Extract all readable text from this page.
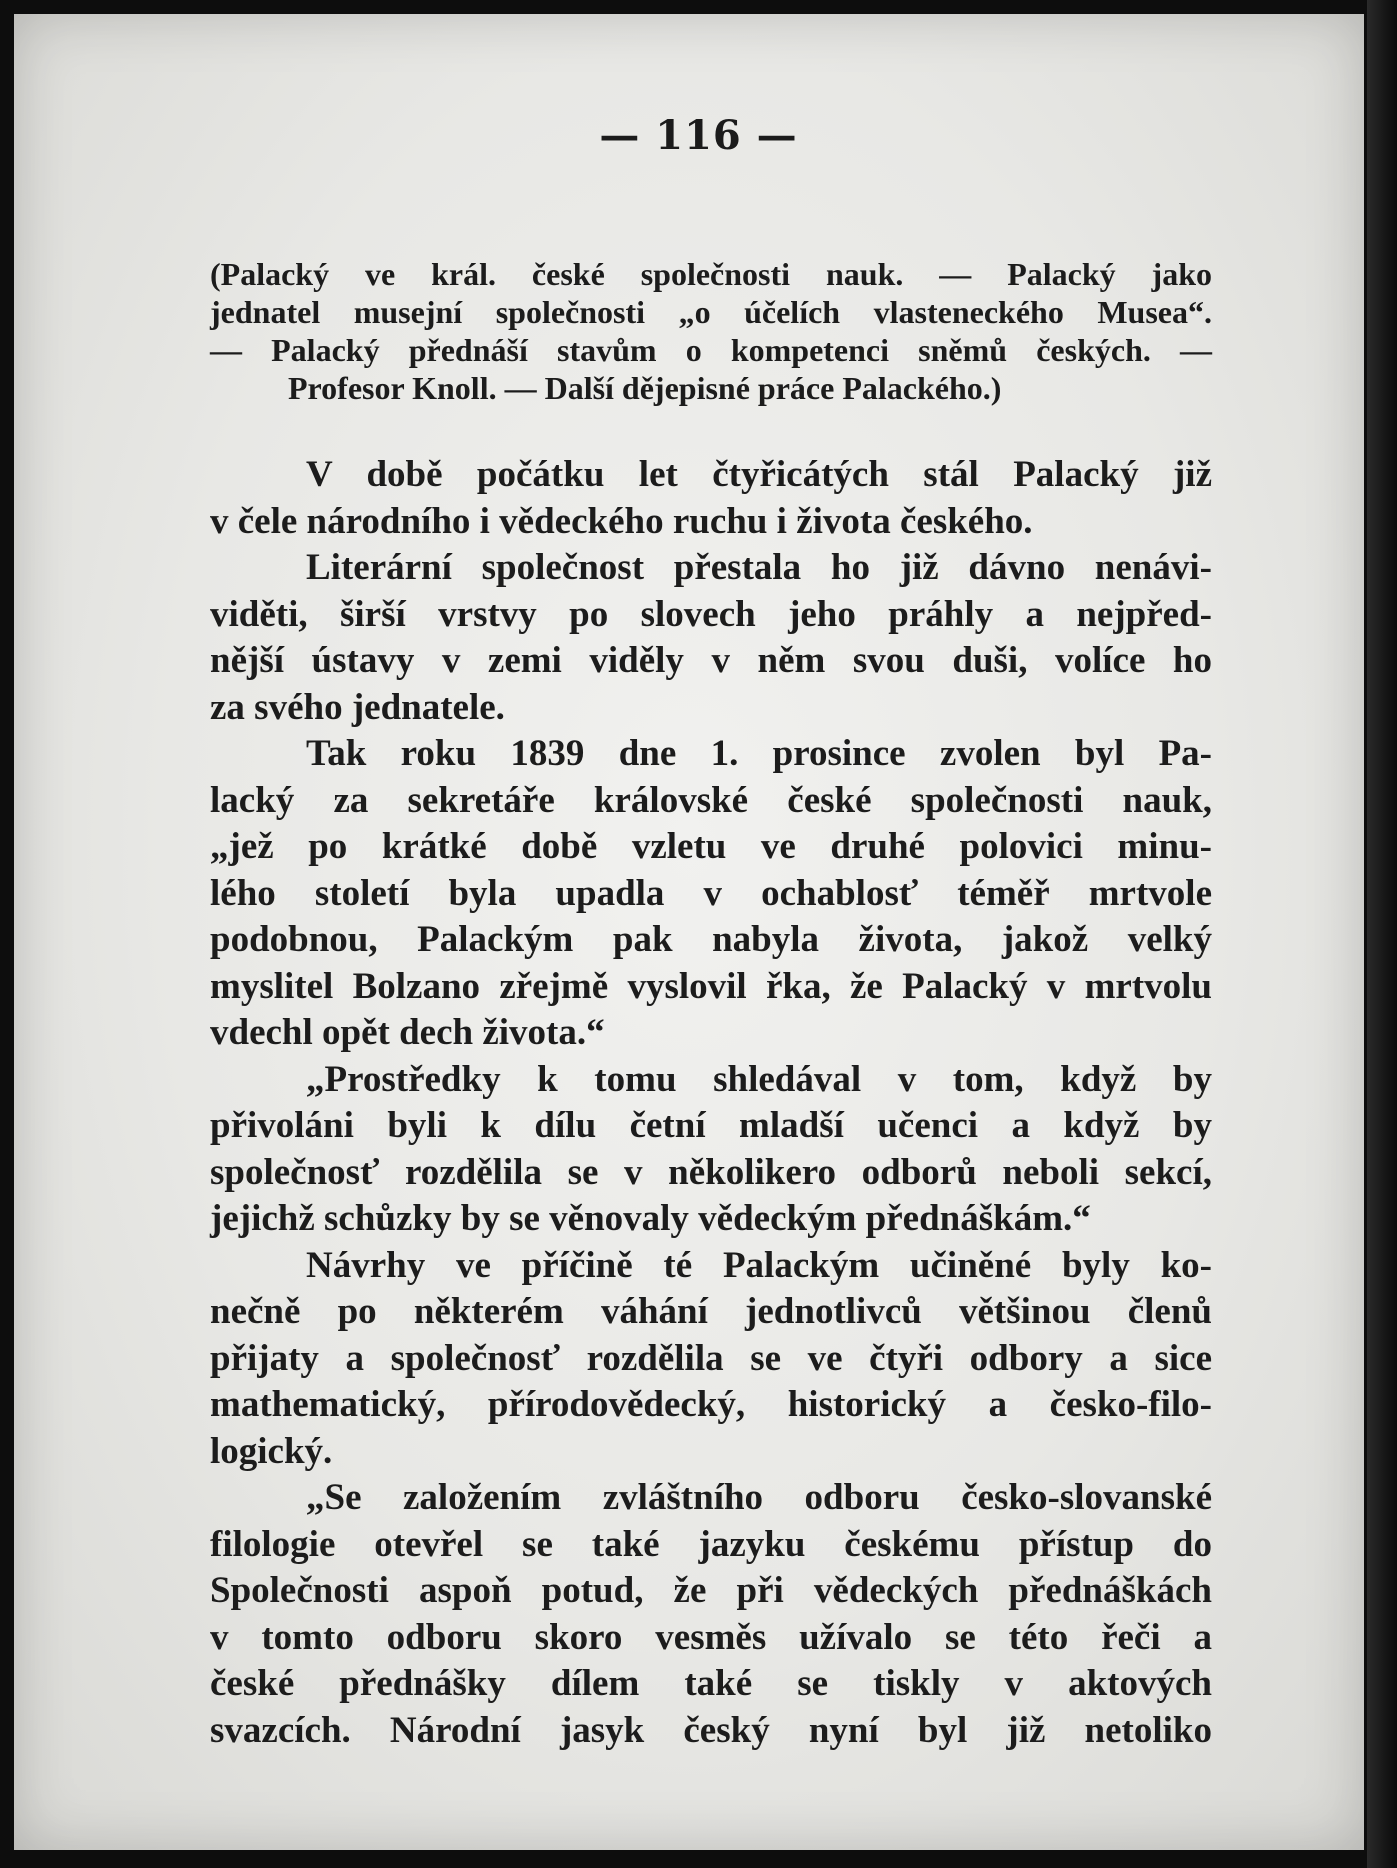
— 116 —
(Palacký ve král. české společnosti nauk. — Palacký jako
jednatel musejní společnosti „o účelích vlasteneckého Musea“.
— Palacký přednáší stavům o kompetenci sněmů českých. —
Profesor Knoll. — Další dějepisné práce Palackého.)
V době počátku let čtyřicátých stál Palacký již
v čele národního i vědeckého ruchu i života českého.
Literární společnost přestala ho již dávno nenávi-
viděti, širší vrstvy po slovech jeho práhly a nejpřed-
nější ústavy v zemi viděly v něm svou duši, volíce ho
za svého jednatele.
Tak roku 1839 dne 1. prosince zvolen byl Pa-
lacký za sekretáře královské české společnosti nauk,
„jež po krátké době vzletu ve druhé polovici minu-
lého století byla upadla v ochablosť téměř mrtvole
podobnou, Palackým pak nabyla života, jakož velký
myslitel Bolzano zřejmě vyslovil řka, že Palacký v mrtvolu
vdechl opět dech života.“
„Prostředky k tomu shledával v tom, když by
přivoláni byli k dílu četní mladší učenci a když by
společnosť rozdělila se v několikero odborů neboli sekcí,
jejichž schůzky by se věnovaly vědeckým přednáškám.“
Návrhy ve příčině té Palackým učiněné byly ko-
nečně po některém váhání jednotlivců většinou členů
přijaty a společnosť rozdělila se ve čtyři odbory a sice
mathematický, přírodovědecký, historický a česko-filo-
logický.
„Se založením zvláštního odboru česko-slovanské
filologie otevřel se také jazyku českému přístup do
Společnosti aspoň potud, že při vědeckých přednáškách
v tomto odboru skoro vesměs užívalo se této řeči a
české přednášky dílem také se tiskly v aktových
svazcích. Národní jasyk český nyní byl již netoliko
